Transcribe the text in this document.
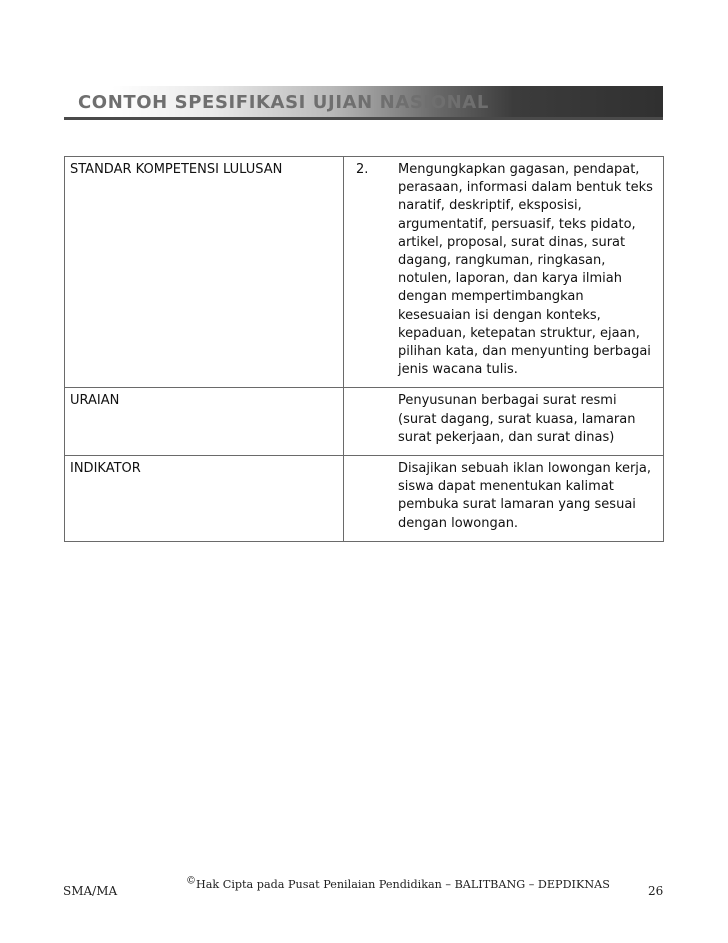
CONTOH SPESIFIKASI UJIAN NASIONAL
STANDAR KOMPETENSI LULUSAN	2. Mengungkapkan gagasan, pendapat, perasaan, informasi dalam bentuk teks naratif, deskriptif, eksposisi, argumentatif, persuasif, teks pidato, artikel, proposal, surat dinas, surat dagang, rangkuman, ringkasan, notulen, laporan, dan karya ilmiah dengan mempertimbangkan kesesuaian isi dengan konteks, kepaduan, ketepatan struktur, ejaan, pilihan kata, dan menyunting berbagai jenis wacana tulis.

URAIAN	Penyusunan berbagai surat resmi (surat dagang, surat kuasa, lamaran surat pekerjaan, dan surat dinas)

INDIKATOR	Disajikan sebuah iklan lowongan kerja, siswa dapat menentukan kalimat pembuka surat lamaran yang sesuai dengan lowongan.
SMA/MA
©Hak Cipta pada Pusat Penilaian Pendidikan – BALITBANG – DEPDIKNAS	26
